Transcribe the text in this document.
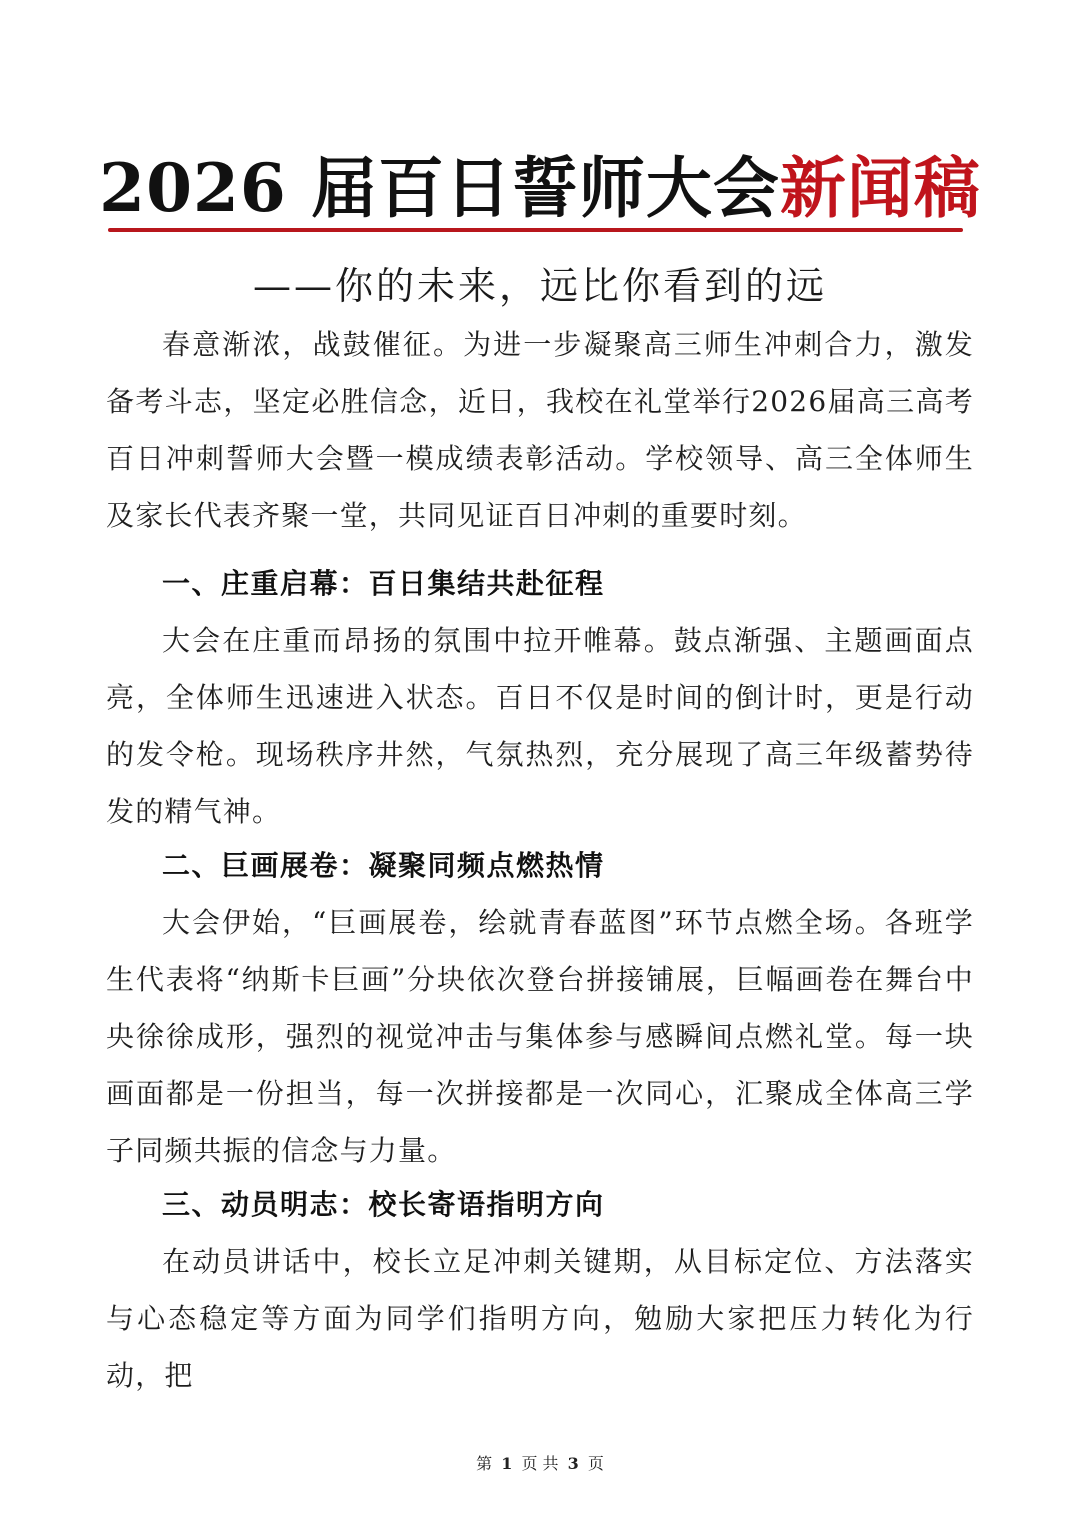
2026 届百日誓师大会新闻稿
——你的未来，远比你看到的远

春意渐浓，战鼓催征。为进一步凝聚高三师生冲刺合力，激发备考斗志，坚定必胜信念，近日，我校在礼堂举行2026届高三高考百日冲刺誓师大会暨一模成绩表彰活动。学校领导、高三全体师生及家长代表齐聚一堂，共同见证百日冲刺的重要时刻。

一、庄重启幕：百日集结共赴征程

大会在庄重而昂扬的氛围中拉开帷幕。鼓点渐强、主题画面点亮，全体师生迅速进入状态。百日不仅是时间的倒计时，更是行动的发令枪。现场秩序井然，气氛热烈，充分展现了高三年级蓄势待发的精气神。

二、巨画展卷：凝聚同频点燃热情

大会伊始，“巨画展卷，绘就青春蓝图”环节点燃全场。各班学生代表将“纳斯卡巨画”分块依次登台拼接铺展，巨幅画卷在舞台中央徐徐成形，强烈的视觉冲击与集体参与感瞬间点燃礼堂。每一块画面都是一份担当，每一次拼接都是一次同心，汇聚成全体高三学子同频共振的信念与力量。

三、动员明志：校长寄语指明方向

在动员讲话中，校长立足冲刺关键期，从目标定位、方法落实与心态稳定等方面为同学们指明方向，勉励大家把压力转化为行动，把

第 1 页 共 3 页
